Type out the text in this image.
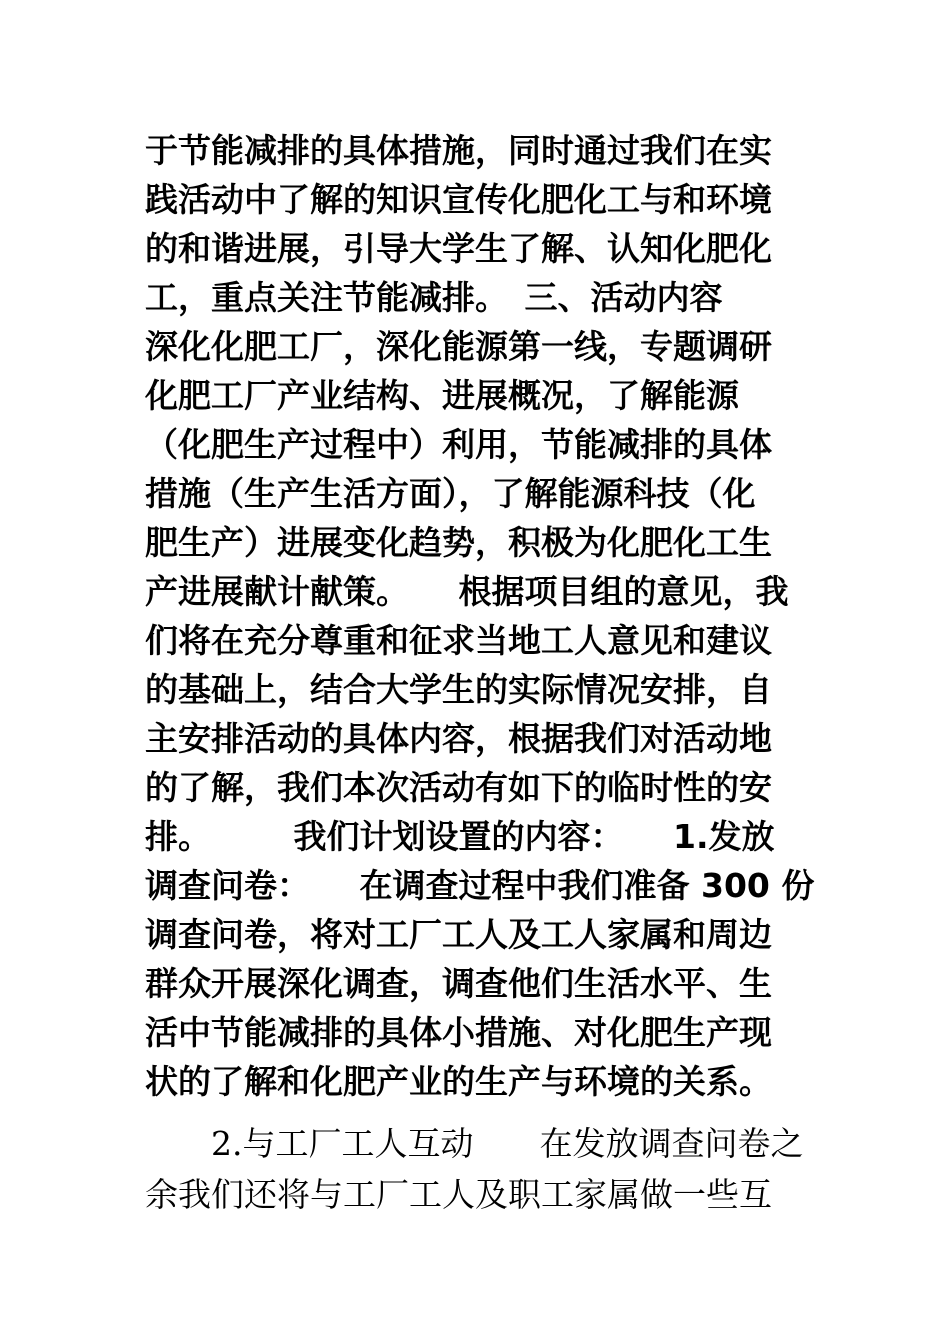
于节能减排的具体措施，同时通过我们在实
践活动中了解的知识宣传化肥化工与和环境
的和谐进展，引导大学生了解、认知化肥化
工，重点关注节能减排。　三、活动内容
深化化肥工厂，深化能源第一线，专题调研
化肥工厂产业结构、进展概况，了解能源
（化肥生产过程中）利用，节能减排的具体
措施（生产生活方面），了解能源科技（化
肥生产）进展变化趋势，积极为化肥化工生
产进展献计献策。　　根据项目组的意见，我
们将在充分尊重和征求当地工人意见和建议
的基础上，结合大学生的实际情况安排，自
主安排活动的具体内容，根据我们对活动地
的了解，我们本次活动有如下的临时性的安
排。　　　我们计划设置的内容：　　1.发放
调查问卷：　　在调查过程中我们准备 300 份
调查问卷，将对工厂工人及工人家属和周边
群众开展深化调查，调查他们生活水平、生
活中节能减排的具体小措施、对化肥生产现
状的了解和化肥产业的生产与环境的关系。
　　2.与工厂工人互动　　在发放调查问卷之
余我们还将与工厂工人及职工家属做一些互
